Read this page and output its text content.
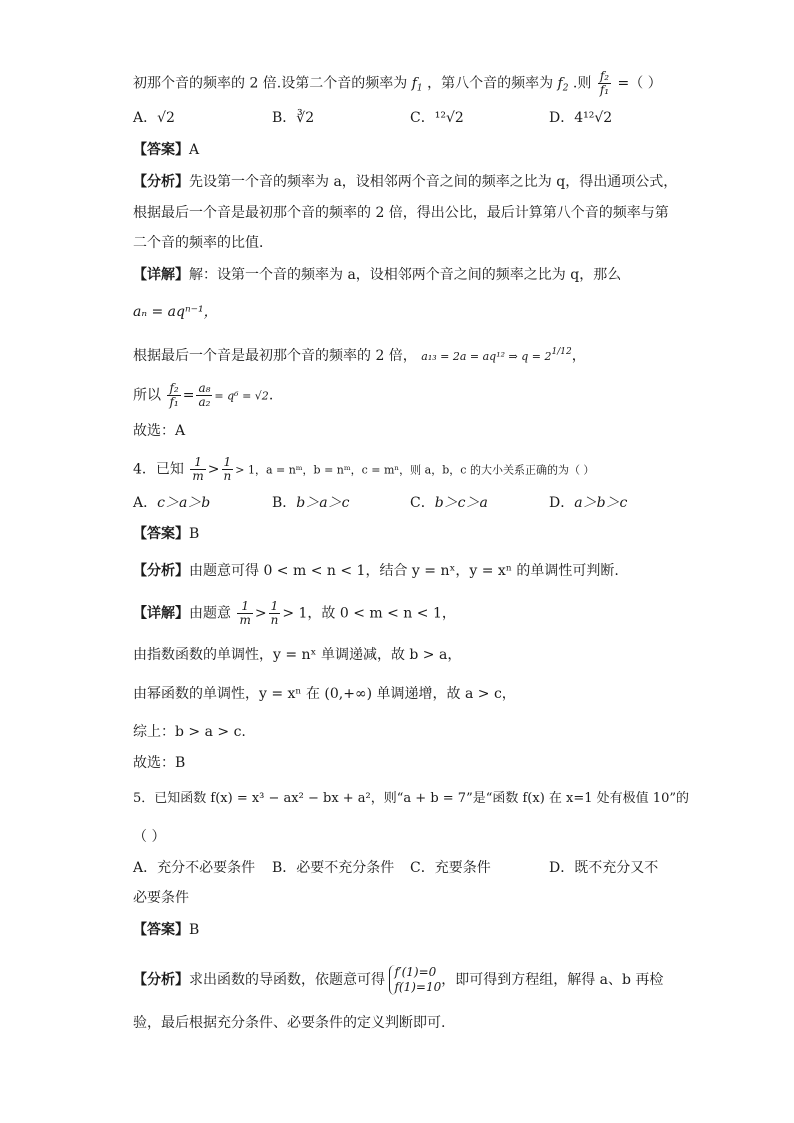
初那个音的频率的 2 倍.设第二个音的频率为 $f_1$ ，第八个音的频率为 $f_2$ .则 $\frac{\text{f₂}}{\text{f₁}}$ =（ ）
A．√2	B．∛2	C．¹²√2	D．4¹²√2
【答案】A
【分析】先设第一个音的频率为 a，设相邻两个音之间的频率之比为 q，得出通项公式，
根据最后一个音是最初那个音的频率的 2 倍，得出公比，最后计算第八个音的频率与第
二个音的频率的比值．
【详解】解：设第一个音的频率为 a，设相邻两个音之间的频率之比为 q，那么
aₙ = aqⁿ⁻¹，
根据最后一个音是最初那个音的频率的 2 倍， a₁₃ = 2a = aq¹² ⇒ $q = 2^{1/12}$，
所以 $\frac{\text{f₂}}{\text{f₁}} = \frac{\text{a₈}}{\text{a₂}} = q^6 = √2$.
故选：A
4．已知 $\frac{1}{m} > \frac{1}{n} > 1$，a = nᵐ，b = nᵐ，c = mⁿ，则 a，b，c 的大小关系正确的为（ ）
A．c＞a＞b	B．b＞a＞c	C．b＞c＞a	D．a＞b＞c
【答案】B
【分析】由题意可得 0 < m < n < 1，结合 y = nˣ，y = xⁿ 的单调性可判断.
【详解】由题意 $\frac{1}{m} > \frac{1}{n} > 1$，故 0 < m < n < 1，
由指数函数的单调性，y = nˣ 单调递减，故 b > a，
由幂函数的单调性，y = xⁿ 在 (0,+∞) 单调递增，故 a > c，
综上：b > a > c.
故选：B
5．已知函数 f(x) = x³ − ax² − bx + a²，则“a + b = 7”是“函数 f(x) 在 x=1 处有极值 10”的
（ ）
A．充分不必要条件 B．必要不充分条件 C．充要条件	D．既不充分又不
必要条件
【答案】B
【分析】求出函数的导函数，依题意可得 f′(1)=0
f(1)=10 ，即可得到方程组，解得 a、b 再检
验，最后根据充分条件、必要条件的定义判断即可.
